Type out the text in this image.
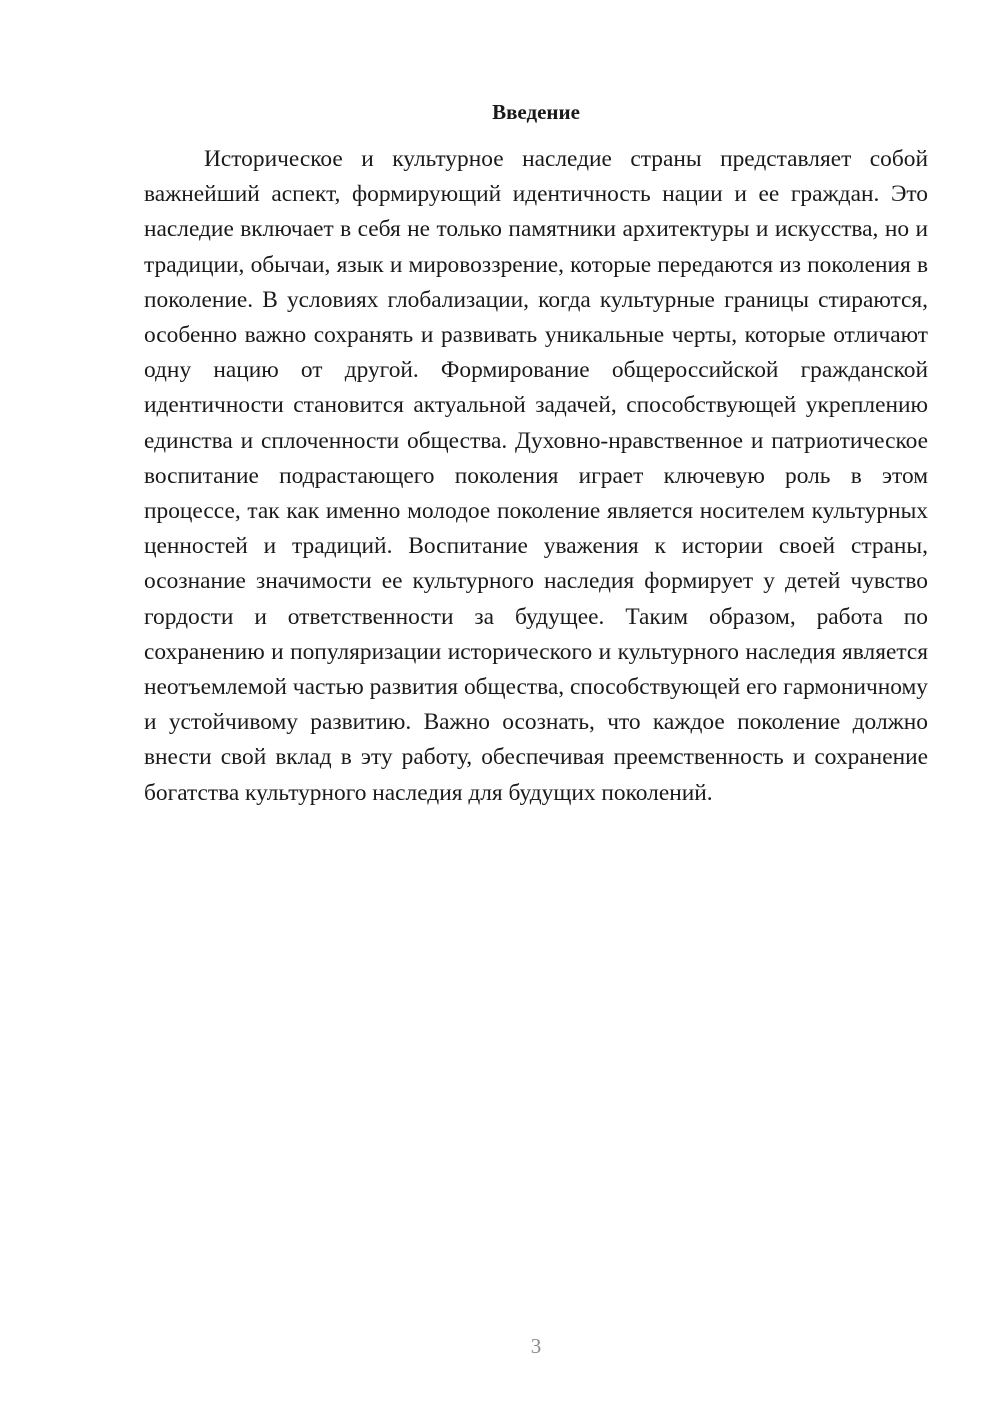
Введение

Историческое и культурное наследие страны представляет собой важнейший аспект, формирующий идентичность нации и ее граждан. Это наследие включает в себя не только памятники архитектуры и искусства, но и традиции, обычаи, язык и мировоззрение, которые передаются из поколения в поколение. В условиях глобализации, когда культурные границы стираются, особенно важно сохранять и развивать уникальные черты, которые отличают одну нацию от другой. Формирование общероссийской гражданской идентичности становится актуальной задачей, способствующей укреплению единства и сплоченности общества. Духовно-нравственное и патриотическое воспитание подрастающего поколения играет ключевую роль в этом процессе, так как именно молодое поколение является носителем культурных ценностей и традиций. Воспитание уважения к истории своей страны, осознание значимости ее культурного наследия формирует у детей чувство гордости и ответственности за будущее. Таким образом, работа по сохранению и популяризации исторического и культурного наследия является неотъемлемой частью развития общества, способствующей его гармоничному и устойчивому развитию. Важно осознать, что каждое поколение должно внести свой вклад в эту работу, обеспечивая преемственность и сохранение богатства культурного наследия для будущих поколений.

3
